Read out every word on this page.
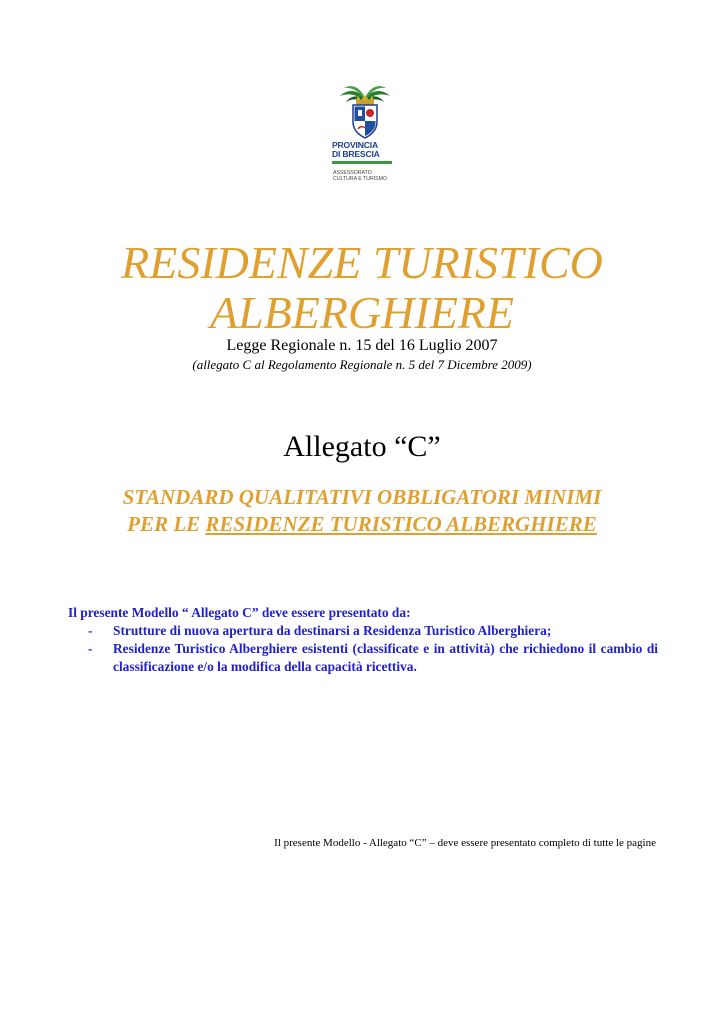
PROVINCIA
DI BRESCIA
ASSESSORATO
CULTURA E TURISMO
RESIDENZE TURISTICO
ALBERGHIERE
Legge Regionale n. 15 del 16 Luglio 2007
(allegato C al Regolamento Regionale n. 5 del 7 Dicembre 2009)
Allegato “C”
STANDARD QUALITATIVI OBBLIGATORI MINIMI
PER LE RESIDENZE TURISTICO ALBERGHIERE
Il presente Modello “ Allegato C” deve essere presentato da:
- Strutture di nuova apertura da destinarsi a Residenza Turistico Alberghiera;
- Residenze Turistico Alberghiere esistenti (classificate e in attività) che richiedono il cambio di classificazione e/o la modifica della capacità ricettiva.
Il presente Modello - Allegato “C” – deve essere presentato completo di tutte le pagine
